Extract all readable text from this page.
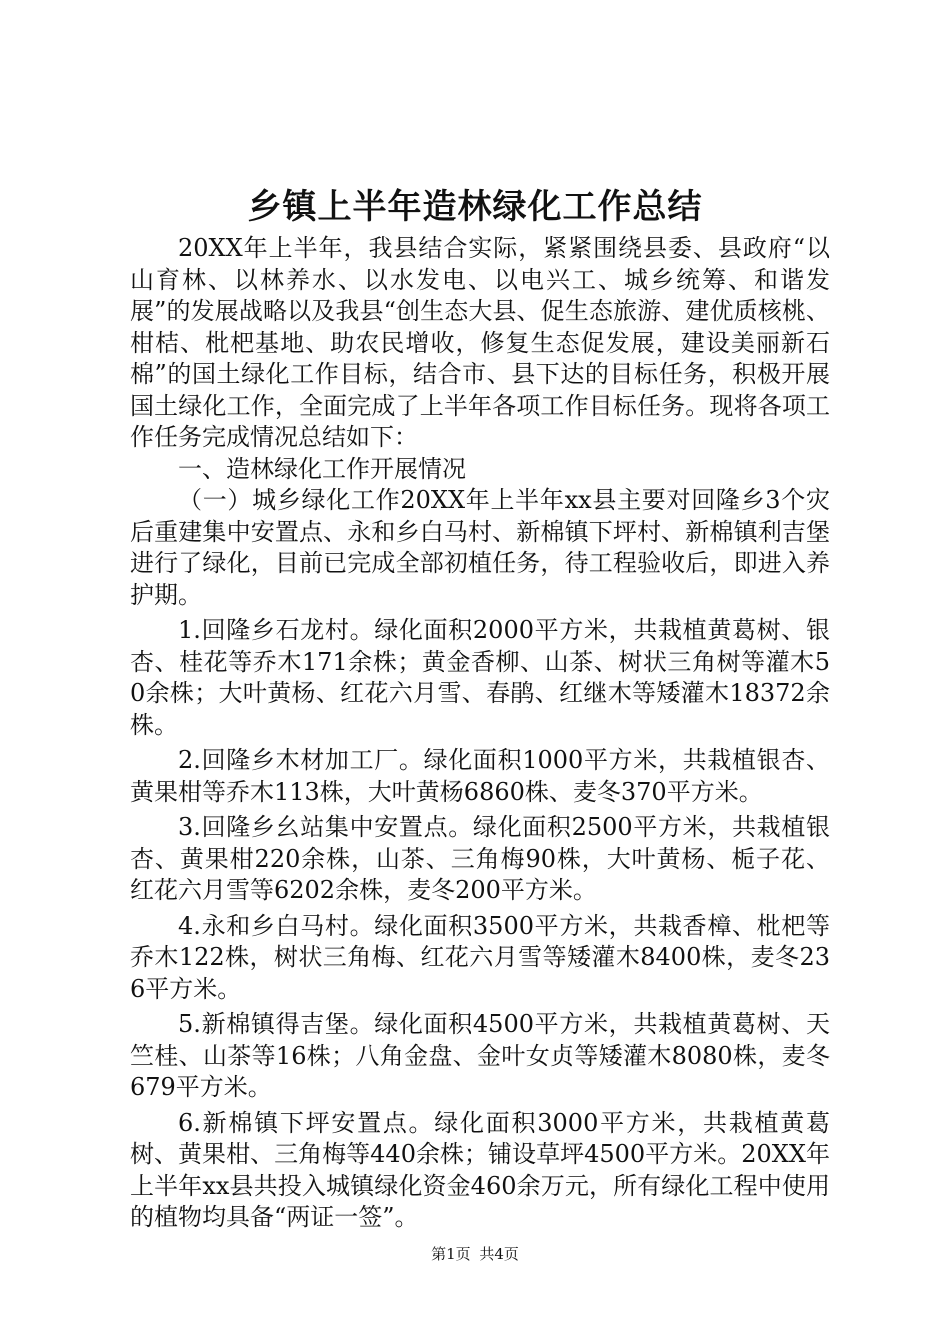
乡镇上半年造林绿化工作总结

20XX年上半年，我县结合实际，紧紧围绕县委、县政府“以山育林、以林养水、以水发电、以电兴工、城乡统筹、和谐发展”的发展战略以及我县“创生态大县、促生态旅游、建优质核桃、柑桔、枇杷基地、助农民增收，修复生态促发展，建设美丽新石棉”的国土绿化工作目标，结合市、县下达的目标任务，积极开展国土绿化工作，全面完成了上半年各项工作目标任务。现将各项工作任务完成情况总结如下：

一、造林绿化工作开展情况

（一）城乡绿化工作20XX年上半年xx县主要对回隆乡3个灾后重建集中安置点、永和乡白马村、新棉镇下坪村、新棉镇利吉堡进行了绿化，目前已完成全部初植任务，待工程验收后，即进入养护期。

1.回隆乡石龙村。绿化面积2000平方米，共栽植黄葛树、银杏、桂花等乔木171余株；黄金香柳、山茶、树状三角树等灌木50余株；大叶黄杨、红花六月雪、春鹃、红继木等矮灌木18372余株。

2.回隆乡木材加工厂。绿化面积1000平方米，共栽植银杏、黄果柑等乔木113株，大叶黄杨6860株、麦冬370平方米。

3.回隆乡幺站集中安置点。绿化面积2500平方米，共栽植银杏、黄果柑220余株，山茶、三角梅90株，大叶黄杨、栀子花、红花六月雪等6202余株，麦冬200平方米。

4.永和乡白马村。绿化面积3500平方米，共栽香樟、枇杷等乔木122株，树状三角梅、红花六月雪等矮灌木8400株，麦冬236平方米。

5.新棉镇得吉堡。绿化面积4500平方米，共栽植黄葛树、天竺桂、山茶等16株；八角金盘、金叶女贞等矮灌木8080株，麦冬679平方米。

6.新棉镇下坪安置点。绿化面积3000平方米，共栽植黄葛树、黄果柑、三角梅等440余株；铺设草坪4500平方米。20XX年上半年xx县共投入城镇绿化资金460余万元，所有绿化工程中使用的植物均具备“两证一签”。

第1页 共4页
